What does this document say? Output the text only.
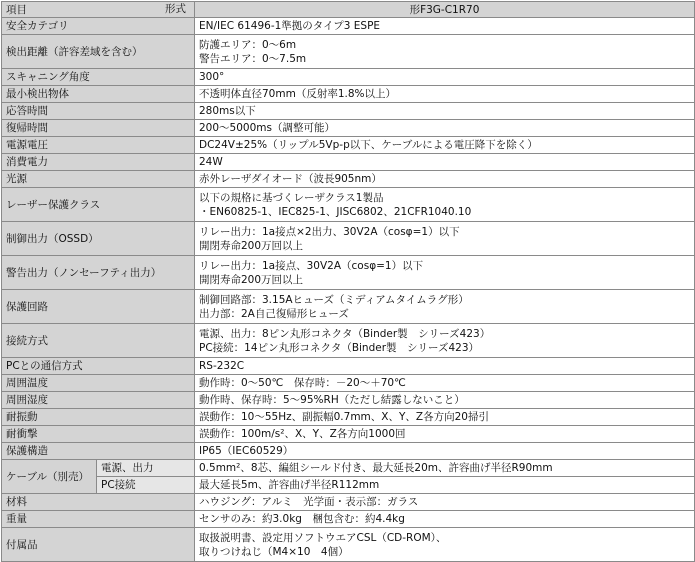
項目 形式		形F3G-C1R70
安全カテゴリ		EN/IEC 61496-1準拠のタイプ3 ESPE

検出距離（許容差域を含む）		防護エリア：0～6m
警告エリア：0～7.5m

スキャニング角度		300°

最小検出物体		不透明体直径70mm（反射率1.8%以上）

応答時間		280ms以下

復帰時間		200～5000ms（調整可能）

電源電圧		DC24V±25%（リップル5Vp-p以下、ケーブルによる電圧降下を除く）

消費電力		24W

光源		赤外レーザダイオード（波長905nm）

レーザー保護クラス		以下の規格に基づくレーザクラス1製品
・EN60825-1、IEC825-1、JISC6802、21CFR1040.10

制御出力（OSSD）		リレー出力：1a接点×2出力、30V2A（cosφ=1）以下
開閉寿命200万回以上

警告出力（ノンセーフティ出力）		リレー出力：1a接点、30V2A（cosφ=1）以下
開閉寿命200万回以上

保護回路		制御回路部：3.15Aヒューズ（ミディアムタイムラグ形）
出力部：2A自己復帰形ヒューズ

接続方式		電源、出力：8ピン丸形コネクタ（Binder製　シリーズ423）
PC接続：14ピン丸形コネクタ（Binder製　シリーズ423）

PCとの通信方式		RS-232C

周囲温度		動作時：0～50℃　保存時：－20～＋70℃

周囲湿度		動作時、保存時：5～95%RH（ただし結露しないこと）

耐振動		誤動作：10～55Hz、副振幅0.7mm、X、Y、Z各方向20掃引

耐衝撃		誤動作：100m/s²、X、Y、Z各方向1000回

保護構造		IP65（IEC60529）

ケーブル（別売）	電源、出力	0.5mm²、8芯、編組シールド付き、最大延長20m、許容曲げ半径R90mm
	PC接続	最大延長5m、許容曲げ半径R112mm
材料		ハウジング：アルミ　光学面・表示部：ガラス

重量		センサのみ：約3.0kg　梱包含む：約4.4kg

付属品		取扱説明書、設定用ソフトウエアCSL（CD-ROM）、
取りつけねじ（M4×10　4個）
